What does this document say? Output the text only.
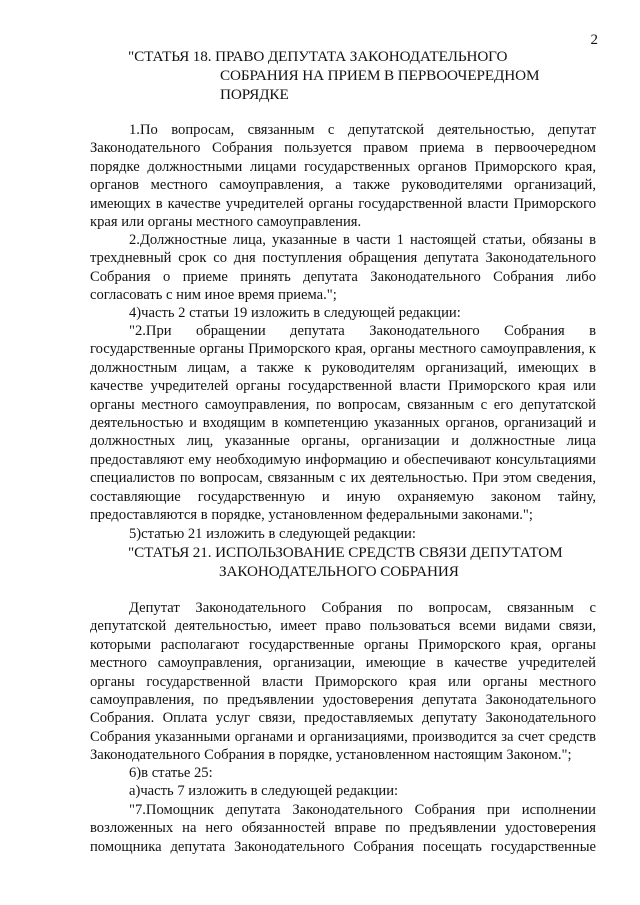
2
"СТАТЬЯ 18. ПРАВО ДЕПУТАТА ЗАКОНОДАТЕЛЬНОГО
СОБРАНИЯ НА ПРИЕМ В ПЕРВООЧЕРЕДНОМ
ПОРЯДКЕ
1.По вопросам, связанным с депутатской деятельностью, депутат Законодательного Собрания пользуется правом приема в первоочередном порядке должностными лицами государственных органов Приморского края, органов местного самоуправления, а также руководителями организаций, имеющих в качестве учредителей органы государственной власти Приморского края или органы местного самоуправления.
2.Должностные лица, указанные в части 1 настоящей статьи, обязаны в трехдневный срок со дня поступления обращения депутата Законодательного Собрания о приеме принять депутата Законодательного Собрания либо согласовать с ним иное время приема.";
4)часть 2 статьи 19 изложить в следующей редакции:
"2.При обращении депутата Законодательного Собрания в государственные органы Приморского края, органы местного самоуправления, к должностным лицам, а также к руководителям организаций, имеющих в качестве учредителей органы государственной власти Приморского края или органы местного самоуправления, по вопросам, связанным с его депутатской деятельностью и входящим в компетенцию указанных органов, организаций и должностных лиц, указанные органы, организации и должностные лица предоставляют ему необходимую информацию и обеспечивают консультациями специалистов по вопросам, связанным с их деятельностью. При этом сведения, составляющие государственную и иную охраняемую законом тайну, предоставляются в порядке, установленном федеральными законами.";
5)статью 21 изложить в следующей редакции:
"СТАТЬЯ 21. ИСПОЛЬЗОВАНИЕ СРЕДСТВ СВЯЗИ ДЕПУТАТОМ
ЗАКОНОДАТЕЛЬНОГО СОБРАНИЯ
Депутат Законодательного Собрания по вопросам, связанным с депутатской деятельностью, имеет право пользоваться всеми видами связи, которыми располагают государственные органы Приморского края, органы местного самоуправления, организации, имеющие в качестве учредителей органы государственной власти Приморского края или органы местного самоуправления, по предъявлении удостоверения депутата Законодательного Собрания. Оплата услуг связи, предоставляемых депутату Законодательного Собрания указанными органами и организациями, производится за счет средств Законодательного Собрания в порядке, установленном настоящим Законом.";
6)в статье 25:
а)часть 7 изложить в следующей редакции:
"7.Помощник депутата Законодательного Собрания при исполнении возложенных на него обязанностей вправе по предъявлении удостоверения помощника депутата Законодательного Собрания посещать государственные
